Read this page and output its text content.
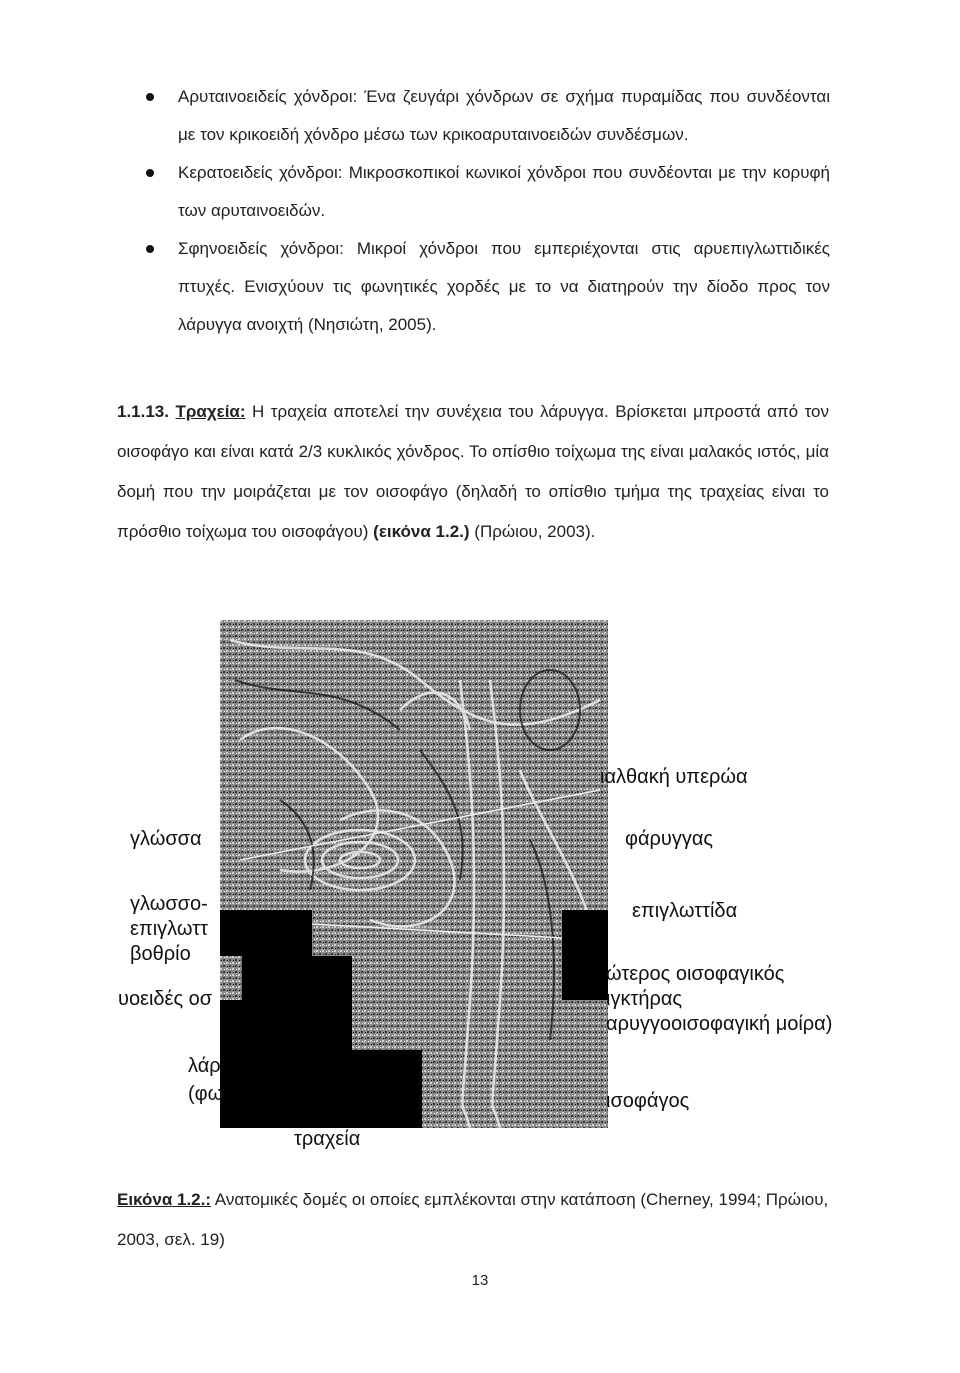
Αρυταινοειδείς χόνδροι: Ένα ζευγάρι χόνδρων σε σχήμα πυραμίδας που συνδέονται με τον κρικοειδή χόνδρο μέσω των κρικοαρυταινοειδών συνδέσμων.
Κερατοειδείς χόνδροι: Μικροσκοπικοί κωνικοί χόνδροι που συνδέονται με την κορυφή των αρυταινοειδών.
Σφηνοειδείς χόνδροι: Μικροί χόνδροι που εμπεριέχονται στις αρυεπιγλωττιδικές πτυχές. Ενισχύουν τις φωνητικές χορδές με το να διατηρούν την δίοδο προς τον λάρυγγα ανοιχτή (Νησιώτη, 2005).
1.1.13. Τραχεία: Η τραχεία αποτελεί την συνέχεια του λάρυγγα. Βρίσκεται μπροστά από τον οισοφάγο και είναι κατά 2/3 κυκλικός χόνδρος. Το οπίσθιο τοίχωμα της είναι μαλακός ιστός, μία δομή που την μοιράζεται με τον οισοφάγο (δηλαδή το οπίσθιο τμήμα της τραχείας είναι το πρόσθιο τοίχωμα του οισοφάγου) (εικόνα 1.2.) (Πρώιου, 2003).
γλώσσα
γλωσσο-
επιγλωττ
βοθρίο
υοειδές οσ
λάρ
(φω
ιαλθακή υπερώα
φάρυγγας
επιγλωττίδα
ώτερος οισοφαγικός
ιγκτήρας
αρυγγοοισοφαγική μοίρα)
ισοφάγος
τραχεία
Εικόνα 1.2.: Ανατομικές δομές οι οποίες εμπλέκονται στην κατάποση (Cherney, 1994; Πρώιου, 2003, σελ. 19)
13
